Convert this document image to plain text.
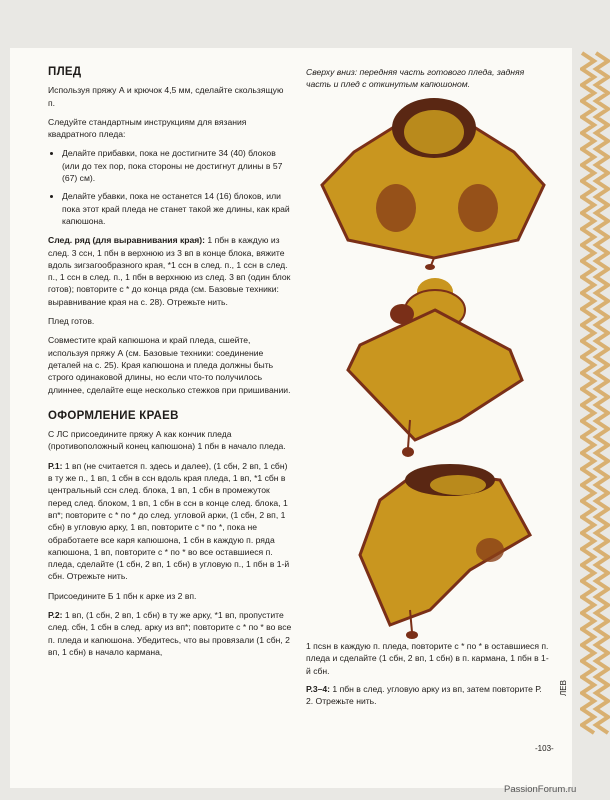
ПЛЕД

Используя пряжу А и крючок 4,5 мм, сделайте скользящую п.

Следуйте стандартным инструкциям для вязания квадратного пледа:

• Делайте прибавки, пока не достигните 34 (40) блоков (или до тех пор, пока стороны не достигнут длины в 57 (67) см).
• Делайте убавки, пока не останется 14 (16) блоков, или пока этот край пледа не станет такой же длины, как край капюшона.

След. ряд (для выравнивания края): 1 пбн в каждую из след. 3 ссн, 1 пбн в верхнюю из 3 вп в конце блока, вяжите вдоль зигзагообразного края, *1 ссн в след. п., 1 ссн в след. п., 1 ссн в след. п., 1 пбн в верхнюю из след. 3 вп (один блок готов); повторите с * до конца ряда (см. Базовые техники: выравнивание края на с. 28). Отрежьте нить.

Плед готов.

Совместите край капюшона и край пледа, сшейте, используя пряжу А (см. Базовые техники: соединение деталей на с. 25). Края капюшона и пледа должны быть строго одинаковой длины, но если что-то получилось длиннее, сделайте еще несколько стежков при пришивании.

ОФОРМЛЕНИЕ КРАЕВ

С ЛС присоедините пряжу А как кончик пледа (противоположный конец капюшона) 1 пбн в начало пледа.

Р.1: 1 вп (не считается п. здесь и далее), (1 сбн, 2 вп, 1 сбн) в ту же п., 1 вп, 1 сбн в ссн вдоль края пледа, 1 вп, *1 сбн в центральный ссн след. блока, 1 вп, 1 сбн в промежуток перед след. блоком, 1 вп, 1 сбн в ссн в конце след. блока, 1 вп*; повторите с * по * до след. угловой арки, (1 сбн, 2 вп, 1 сбн) в угловую арку, 1 вп, повторите с * по *, пока не обработаете все каря капюшона, 1 сбн в каждую п. ряда капюшона, 1 вп, повторите с * по * во все оставшиеся п. пледа, сделайте (1 сбн, 2 вп, 1 сбн) в угловую п., 1 пбн в 1-й сбн. Отрежьте нить.

Присоедините Б 1 пбн к арке из 2 вп.

Р.2: 1 вп, (1 сбн, 2 вп, 1 сбн) в ту же арку, *1 вп, пропустите след. сбн, 1 сбн в след. арку из вп*; повторите с * по * во все п. пледа и капюшона. Убедитесь, что вы провязали (1 сбн, 2 вп, 1 сбн) в начало кармана,

Сверху вниз: передняя часть готового пледа, задняя часть и плед с откинутым капюшоном.

1 псsн в каждую п. пледа, повторите с * по * в оставшиеся п. пледа и сделайте (1 сбн, 2 вп, 1 сбн) в п. кармана, 1 пбн в 1-й сбн.

Р.3–4: 1 пбн в след. угловую арку из вп, затем повторите Р. 2. Отрежьте нить.

ЛЕВ
-103-
PassionForum.ru
